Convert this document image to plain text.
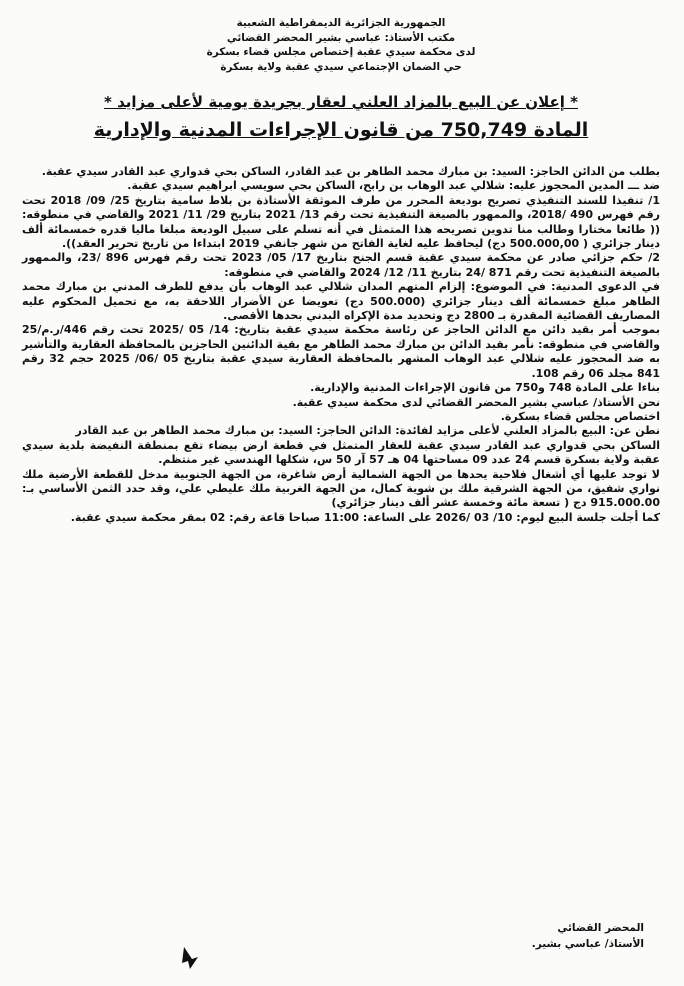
الجمهورية الجزائرية الديمقراطية الشعبية
مكتب الأستاذ: عباسي بشير المحضر القضائي
لدى محكمة سيدي عقبة إختصاص مجلس قضاء بسكرة
حي الضمان الإجتماعي سيدي عقبة ولاية بسكرة
* إعلان عن البيع بالمزاد العلني لعقار بجريدة يومية لأعلى مزايد *
المادة 750,749 من قانون الإجراءات المدنية والإدارية

بطلب من الدائن الحاجز: السيد: بن مبارك محمد الطاهر بن عبد القادر، الساكن بحي قدواري عبد القادر سيدي عقبة.

ضد ـــ المدين المحجوز عليه: شلالي عبد الوهاب بن رابح، الساكن بحي سويسي ابراهيم سيدي عقبة.

1/ تنفيذا للسند التنفيذي تصريح بوديعة المحرر من طرف الموثقة الأستاذة بن بلاط سامية بتاريخ 25/ 09/ 2018 تحت رقم فهرس 490 /2018، والممهور بالصيغة التنفيذية تحت رقم 13/ 2021 بتاريخ 29/ 11/ 2021 والقاضي في منطوقه: (( طائعا مختارا وطالب منا تدوين تصريحه هذا المتمثل في أنه تسلم على سبيل الوديعة مبلغا ماليا قدره خمسمائة ألف دينار جزائري ( 500.000,00 دج) ليحافظ عليه لغاية الفاتح من شهر جانفي 2019 ابتداءا من تاريخ تحرير العقد)).

2/ حكم جزائي صادر عن محكمة سيدي عقبة قسم الجنح بتاريخ 17/ 05/ 2023 تحت رقم فهرس 896 /23، والممهور بالصيغة التنفيذية تحت رقم 871 /24 بتاريخ 11/ 12/ 2024 والقاضي في منطوقه:

في الدعوى المدنية: في الموضوع: إلزام المتهم المدان شلالي عبد الوهاب بأن يدفع للطرف المدني بن مبارك محمد الطاهر مبلغ خمسمائة ألف دينار جزائري (500.000 دج) تعويضا عن الأضرار اللاحقة به، مع تحميل المحكوم عليه المصاريف القضائية المقدرة بـ 2800 دج وتحديد مدة الإكراه البدني بحدها الأقصى.

بموجب أمر بقيد دائن مع الدائن الحاجز عن رئاسة محكمة سيدي عقبة بتاريخ: 14/ 05 /2025 تحت رقم 446/ر.م/25 والقاضي في منطوقه: نأمر بقيد الدائن بن مبارك محمد الطاهر مع بقية الدائنين الحاجزين بالمحافظة العقارية والتأشير به ضد المحجوز عليه شلالي عبد الوهاب المشهر بالمحافظة العقارية سيدي عقبة بتاريخ 05 /06/ 2025 حجم 32 رقم 841 مجلد 06 رقم 108.

بناءا على المادة 748 و750 من قانون الإجراءات المدنية والإدارية.

نحن الأستاذ/ عباسي بشير المحضر القضائي لدى محكمة سيدي عقبة.

اختصاص مجلس قضاء بسكرة.

نطن عن: البيع بالمزاد العلني لأعلى مزايد لفائدة: الدائن الحاجز: السيد: بن مبارك محمد الطاهر بن عبد القادر

الساكن بحي قدواري عبد القادر سيدي عقبة للعقار المتمثل في قطعة ارض بيضاء تقع بمنطقة النفيضة بلدية سيدي عقبة ولاية بسكرة قسم 24 عدد 09 مساحتها 04 هـ 57 آر 50 س، شكلها الهندسي غير منتظم.

لا توجد عليها أي أشغال فلاحية يحدها من الجهة الشمالية أرض شاغرة، من الجهة الجنوبية مدخل للقطعة الأرضية ملك نواري شفيق، من الجهة الشرقية ملك بن شوية كمال، من الجهة الغربية ملك عليطي علي، وقد حدد الثمن الأساسي بـ: 915.000.00 دج ( تسعة مائة وخمسة عشر ألف دينار جزائري)

كما أجلت جلسة البيع ليوم: 10/ 03 /2026 على الساعة: 11:00 صباحا قاعة رقم: 02 بمقر محكمة سيدي عقبة.

المحضر القضائي
الأستاذ/ عباسي بشير.
